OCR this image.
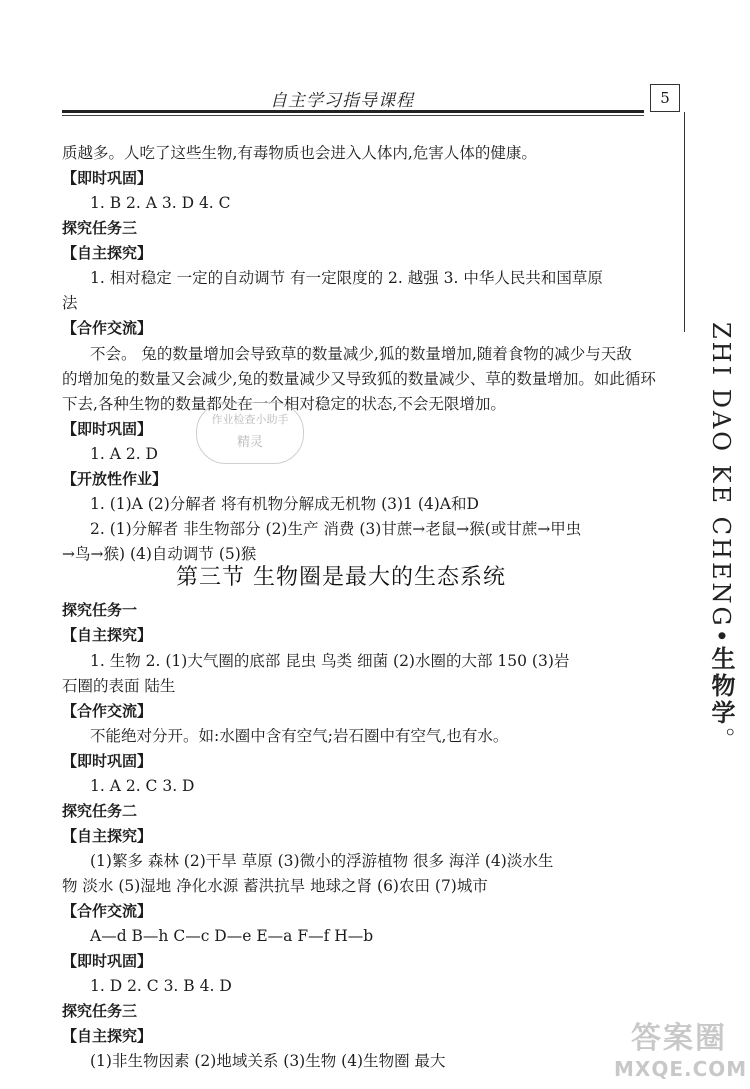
自主学习指导课程	5
ZHI DAO KE CHENG•生物学。
质越多。人吃了这些生物,有毒物质也会进入人体内,危害人体的健康。
【即时巩固】
1. B 2. A 3. D 4. C
探究任务三
【自主探究】
1. 相对稳定 一定的自动调节 有一定限度的 2. 越强 3. 中华人民共和国草原
法
【合作交流】
不会。 兔的数量增加会导致草的数量减少,狐的数量增加,随着食物的减少与天敌
的增加兔的数量又会减少,兔的数量减少又导致狐的数量减少、草的数量增加。如此循环
下去,各种生物的数量都处在一个相对稳定的状态,不会无限增加。
【即时巩固】
1. A 2. D
【开放性作业】
1. (1)A (2)分解者 将有机物分解成无机物 (3)1 (4)A和D
2. (1)分解者 非生物部分 (2)生产 消费 (3)甘蔗→老鼠→猴(或甘蔗→甲虫
→鸟→猴) (4)自动调节 (5)猴
第三节 生物圈是最大的生态系统
探究任务一
【自主探究】
1. 生物 2. (1)大气圈的底部 昆虫 鸟类 细菌 (2)水圈的大部 150 (3)岩
石圈的表面 陆生
【合作交流】
不能绝对分开。如:水圈中含有空气;岩石圈中有空气,也有水。
【即时巩固】
1. A 2. C 3. D
探究任务二
【自主探究】
(1)繁多 森林 (2)干旱 草原 (3)微小的浮游植物 很多 海洋 (4)淡水生
物 淡水 (5)湿地 净化水源 蓄洪抗旱 地球之肾 (6)农田 (7)城市
【合作交流】
A—d B—h C—c D—e E—a F—f H—b
【即时巩固】
1. D 2. C 3. B 4. D
探究任务三
【自主探究】
(1)非生物因素 (2)地域关系 (3)生物 (4)生物圈 最大
作业检查小助手
精灵
答案圈
MXQE.COM
